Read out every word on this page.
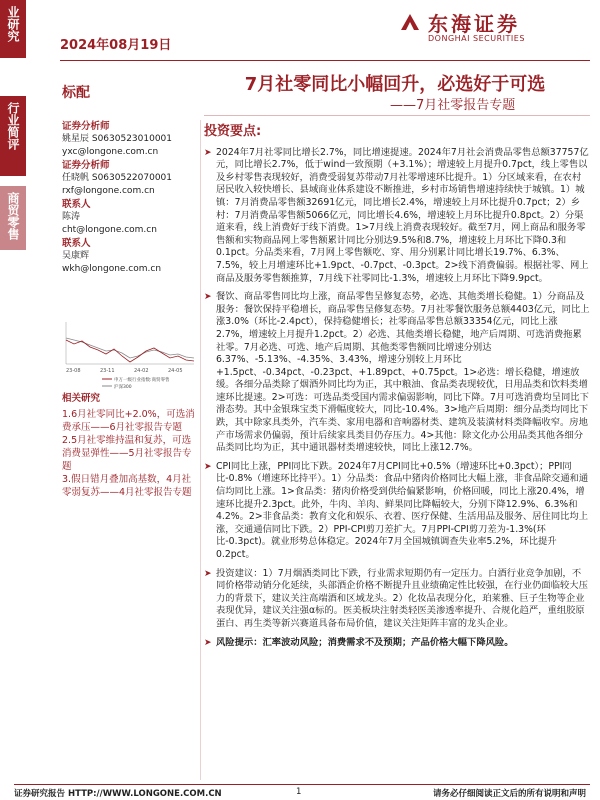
业研究
行业简评
商贸零售
2024年08月19日
东海证券
DONGHAI SECURITIES
标配	7月社零同比小幅回升，必选好于可选
——7月社零报告专题
证券分析师
姚星辰 S0630523010001
yxc@longone.com.cn
证券分析师
任晓帆 S0630522070001
rxf@longone.com.cn
联系人
陈涛
cht@longone.com.cn
联系人
吴康辉
wkh@longone.com.cn
23-08	23-11	24-02	24-05
申万一级行业指数:商贸零售
沪深300
相关研究
1.6月社零同比+2.0%，可选消费承压——6月社零报告专题
2.5月社零维持温和复苏，可选消费显弹性——5月社零报告专题
3.假日错月叠加高基数，4月社零弱复苏——4月社零报告专题
投资要点:
➤ 2024年7月社零同比增长2.7%，同比增速提速。2024年7月社会消费品零售总额37757亿元，同比增长2.7%，低于wind一致预期（+3.1%）；增速较上月提升0.7pct，线上零售以及乡村零售表现较好，消费受弱复苏带动7月社零增速环比提升。1）分区域来看，在农村居民收入较快增长、县域商业体系建设不断推进，乡村市场销售增速持续快于城镇。1）城镇：7月消费品零售额32691亿元，同比增长2.4%，增速较上月环比提升0.7pct；2）乡村：7月消费品零售额5066亿元，同比增长4.6%，增速较上月环比提升0.8pct。2）分渠道来看，线上消费好于线下消费。1>7月线上消费表现较好。截至7月，网上商品和服务零售额和实物商品网上零售额累计同比分别达9.5%和8.7%，增速较上月环比下降0.3和0.1pct。分品类来看，7月网上零售额吃、穿、用分别累计同比增长19.7%、6.3%、7.5%，较上月增速环比+1.9pct、-0.7pct、-0.3pct。2>线下消费偏弱。根据社零、网上商品及服务零售额推算，7月线下社零同比-1.3%，增速较上月环比下降9.9pct。
➤ 餐饮、商品零售同比均上涨，商品零售呈修复态势，必选、其他类增长稳健。1）分商品及服务：餐饮保持平稳增长，商品零售呈修复态势。7月社零餐饮服务总额4403亿元，同比上涨3.0%（环比-2.4pct），保持稳健增长；社零商品零售总额33354亿元，同比上涨2.7%，增速较上月提升1.2pct。2）必选、其他类增长稳健，地产后周期、可选消费拖累社零。7月必选、可选、地产后周期、其他类零售额同比增速分别达6.37%、-5.13%、-4.35%、3.43%，增速分别较上月环比+1.5pct、-0.34pct、-0.23pct、+1.89pct、+0.75pct。1>必选：增长稳健，增速放缓。各细分品类除了烟酒外同比均为正，其中粮油、食品类表现较优，日用品类和饮料类增速环比提速。2>可选：可选品类受国内需求偏弱影响，同比下降。7月可选消费均呈同比下滑态势。其中金银珠宝类下滑幅度较大，同比-10.4%。3>地产后周期：细分品类均同比下跌，其中除家具类外，汽车类、家用电器和音响器材类、建筑及装潢材料类降幅收窄。房地产市场需求仍偏弱，预计后续家具类目仍存压力。4>其他：除文化办公用品类其他各细分品类同比均为正，其中通讯器材类增速较快，同比上涨12.7%。
➤ CPI同比上涨，PPI同比下跌。2024年7月CPI同比+0.5%（增速环比+0.3pct）；PPI同比-0.8%（增速环比持平）。1）分品类：食品中猪肉价格同比大幅上涨，非食品除交通和通信均同比上涨。1>食品类：猪肉价格受到供给偏紧影响，价格回暖，同比上涨20.4%，增速环比提升2.3pct。此外，牛肉、羊肉、鲜果同比降幅较大，分别下降12.9%、6.3%和4.2%。2>非食品类：教育文化和娱乐、衣着、医疗保健、生活用品及服务、居住同比均上涨，交通通信同比下跌。2）PPI-CPI剪刀差扩大。7月PPI-CPI剪刀差为-1.3%(环比-0.3pct)。就业形势总体稳定。2024年7月全国城镇调查失业率5.2%，环比提升0.2pct。
➤ 投资建议：1）7月烟酒类同比下跌，行业需求短期仍有一定压力。白酒行业竞争加剧，不同价格带动销分化延续，头部酒企价格不断提升且业绩确定性比较强，在行业仍面临较大压力的背景下，建议关注高端酒和区域龙头。2）化妆品表现分化，珀莱雅、巨子生物等企业表现优异，建议关注强α标的。医美板块注射类轻医美渗透率提升、合规化趋严，重组胶原蛋白、再生类等新兴赛道具备布局价值，建议关注矩阵丰富的龙头企业。
➤ 风险提示：汇率波动风险；消费需求不及预期；产品价格大幅下降风险。
证券研究报告 HTTP://WWW.LONGONE.COM.CN	1	请务必仔细阅读正文后的所有说明和声明
